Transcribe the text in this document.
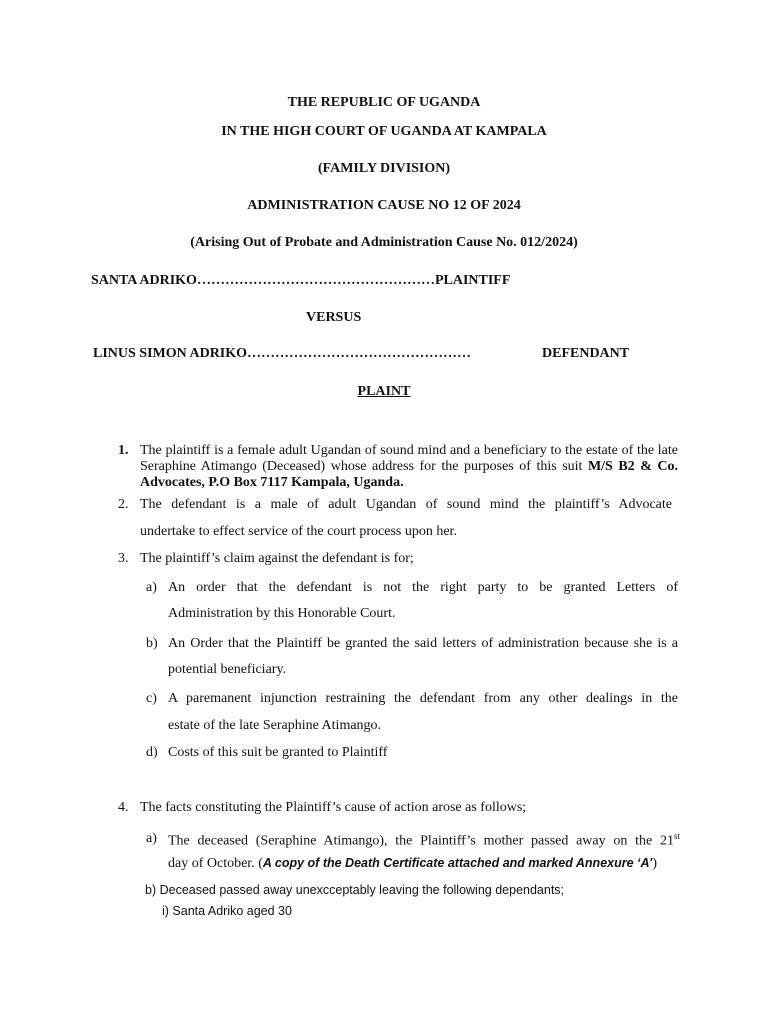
THE REPUBLIC OF UGANDA
IN THE HIGH COURT OF UGANDA AT KAMPALA
(FAMILY DIVISION)
ADMINISTRATION CAUSE NO 12 OF 2024
(Arising Out of Probate and Administration Cause No. 012/2024)
SANTA ADRIKO……………………………………………PLAINTIFF
VERSUS
LINUS SIMON ADRIKO…………………………………………	DEFENDANT
PLAINT
1. The plaintiff is a female adult Ugandan of sound mind and a beneficiary to the estate of the late Seraphine Atimango (Deceased) whose address for the purposes of this suit M/S B2 & Co. Advocates, P.O Box 7117 Kampala, Uganda.
2. The defendant is a male of adult Ugandan of sound mind the plaintiff’s Advocate
undertake to effect service of the court process upon her.
3. The plaintiff’s claim against the defendant is for;
a) An order that the defendant is not the right party to be granted Letters of
Administration by this Honorable Court.
b) An Order that the Plaintiff be granted the said letters of administration because she is a
potential beneficiary.
c) A paremanent injunction restraining the defendant from any other dealings in the
estate of the late Seraphine Atimango.
d) Costs of this suit be granted to Plaintiff
4. The facts constituting the Plaintiff’s cause of action arose as follows;
a) The deceased (Seraphine Atimango), the Plaintiff’s mother passed away on the 21st
day of October. (A copy of the Death Certificate attached and marked Annexure ‘A’)
b) Deceased passed away unexcceptably leaving the following dependants;
i) Santa Adriko aged 30
